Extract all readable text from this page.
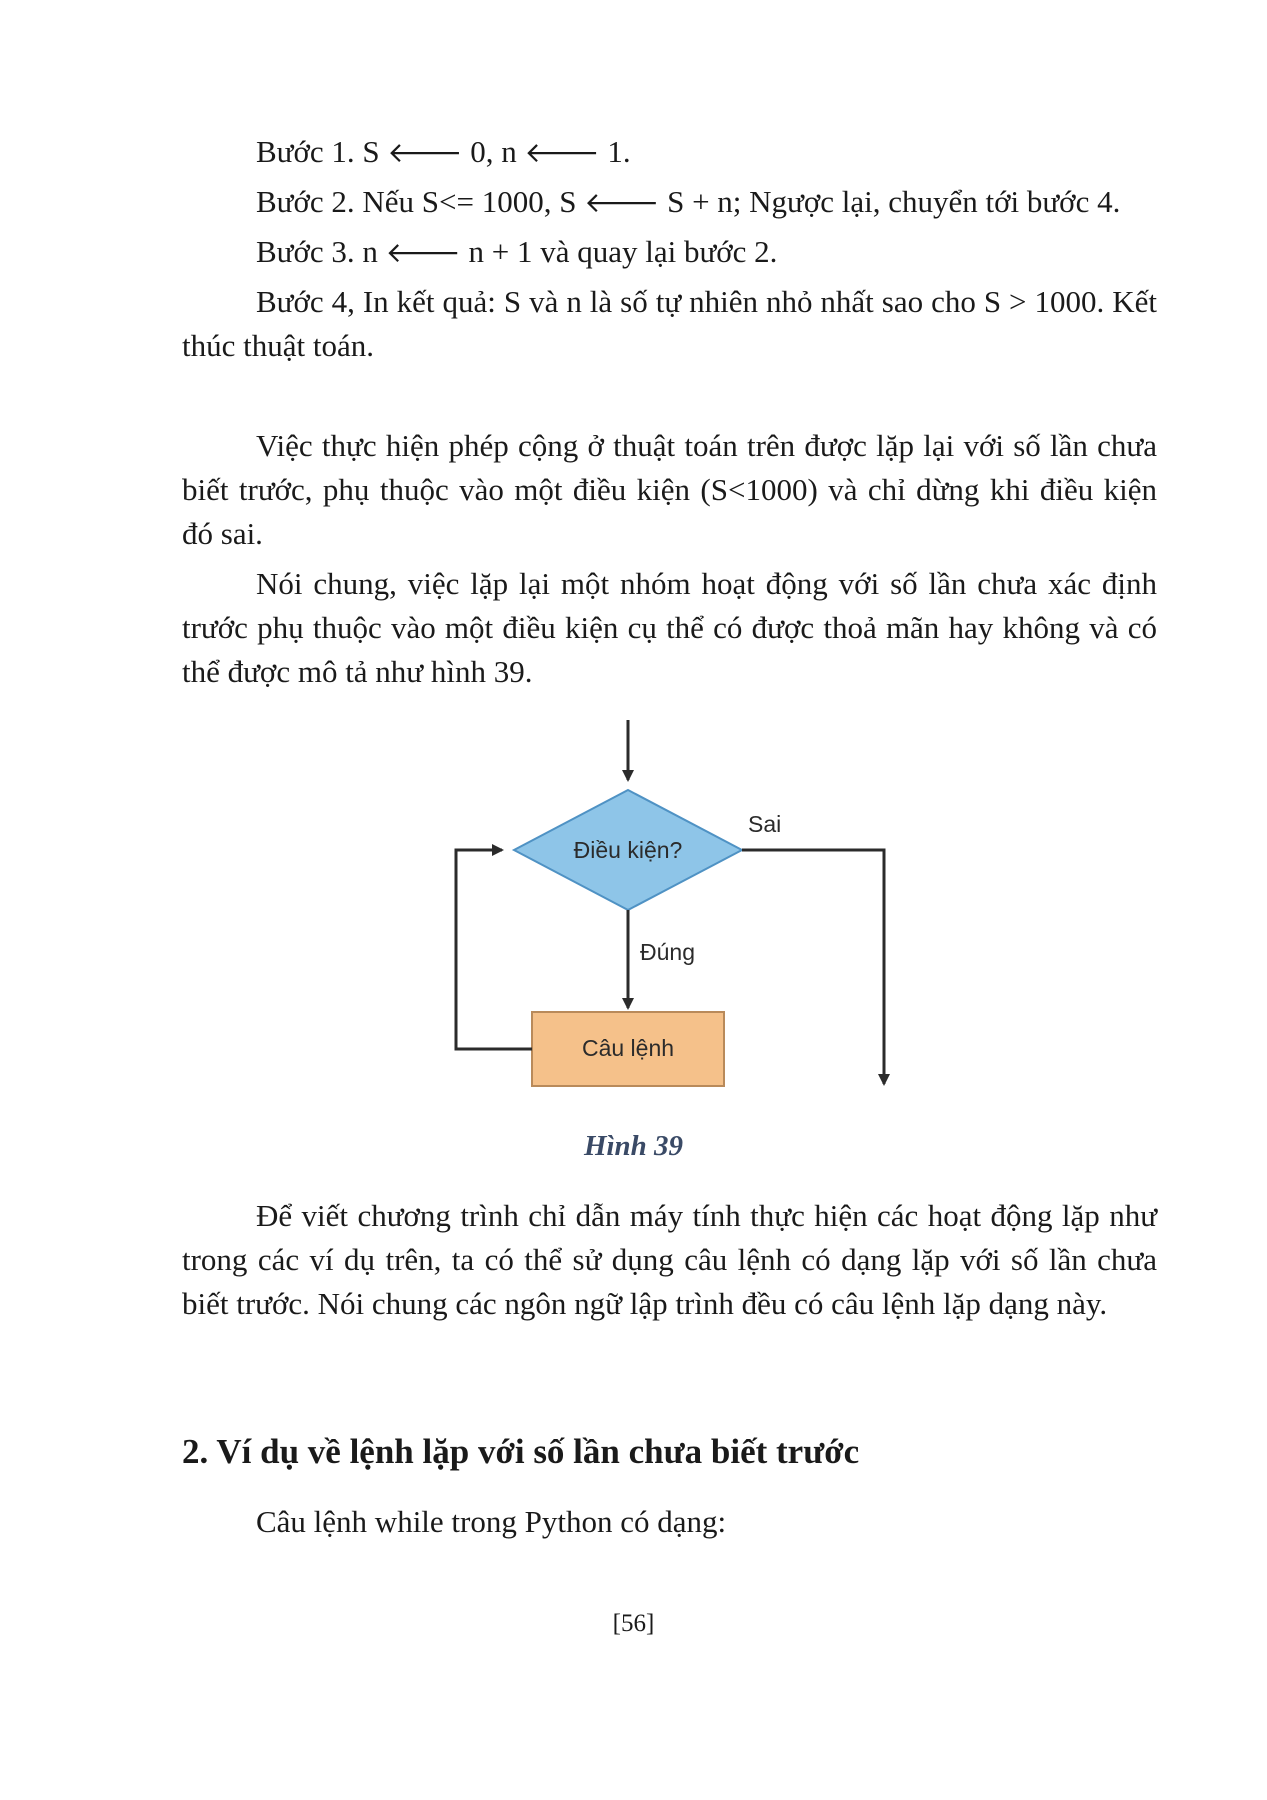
Bước 1. S 🡐 0, n 🡐 1.

Bước 2. Nếu S<= 1000, S 🡐 S + n; Ngược lại, chuyển tới bước 4.

Bước 3. n 🡐 n + 1 và quay lại bước 2.

Bước 4, In kết quả: S và n là số tự nhiên nhỏ nhất sao cho S > 1000. Kết thúc thuật toán.

Việc thực hiện phép cộng ở thuật toán trên được lặp lại với số lần chưa biết trước, phụ thuộc vào một điều kiện (S<1000) và chỉ dừng khi điều kiện đó sai.

Nói chung, việc lặp lại một nhóm hoạt động với số lần chưa xác định trước phụ thuộc vào một điều kiện cụ thể có được thoả mãn hay không và có thể được mô tả như hình 39.

Điều kiện?
Sai
Đúng
Câu lệnh

Hình 39

Để viết chương trình chỉ dẫn máy tính thực hiện các hoạt động lặp như trong các ví dụ trên, ta có thể sử dụng câu lệnh có dạng lặp với số lần chưa biết trước. Nói chung các ngôn ngữ lập trình đều có câu lệnh lặp dạng này.

2. Ví dụ về lệnh lặp với số lần chưa biết trước

Câu lệnh while trong Python có dạng:

[56]
